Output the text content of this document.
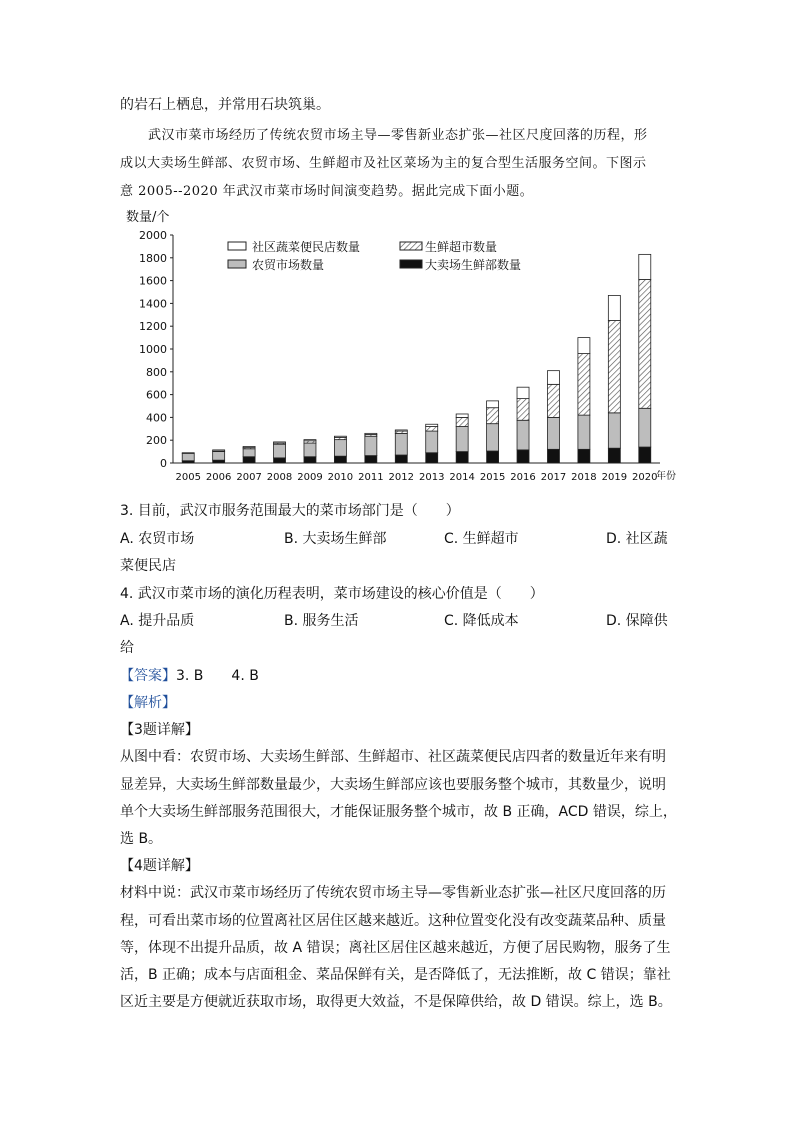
的岩石上栖息，并常用石块筑巢。
武汉市菜市场经历了传统农贸市场主导—零售新业态扩张—社区尺度回落的历程，形
成以大卖场生鲜部、农贸市场、生鲜超市及社区菜场为主的复合型生活服务空间。下图示
意 2005--2020 年武汉市菜市场时间演变趋势。据此完成下面小题。
数量/个
0
200
400
600
800
1000
1200
1400
1600
1800
2000
2005 2006 2007 2008 2009 2010 2011 2012 2013 2014 2015 2016 2017 2018 2019 2020
年份
社区蔬菜便民店数量
农贸市场数量
生鲜超市数量
大卖场生鲜部数量
3. 目前，武汉市服务范围最大的菜市场部门是（　　）
A. 农贸市场	B. 大卖场生鲜部	C. 生鲜超市	D. 社区蔬
菜便民店
4. 武汉市菜市场的演化历程表明，菜市场建设的核心价值是（　　）
A. 提升品质	B. 服务生活	C. 降低成本	D. 保障供
给
【答案】3. B　　4. B
【解析】
【3题详解】
从图中看：农贸市场、大卖场生鲜部、生鲜超市、社区蔬菜便民店四者的数量近年来有明
显差异，大卖场生鲜部数量最少，大卖场生鲜部应该也要服务整个城市，其数量少，说明
单个大卖场生鲜部服务范围很大，才能保证服务整个城市，故 B 正确，ACD 错误，综上，
选 B。
【4题详解】
材料中说：武汉市菜市场经历了传统农贸市场主导—零售新业态扩张—社区尺度回落的历
程，可看出菜市场的位置离社区居住区越来越近。这种位置变化没有改变蔬菜品种、质量
等，体现不出提升品质，故 A 错误；离社区居住区越来越近，方便了居民购物，服务了生
活，B 正确；成本与店面租金、菜品保鲜有关，是否降低了，无法推断，故 C 错误；靠社
区近主要是方便就近获取市场，取得更大效益，不是保障供给，故 D 错误。综上，选 B。
